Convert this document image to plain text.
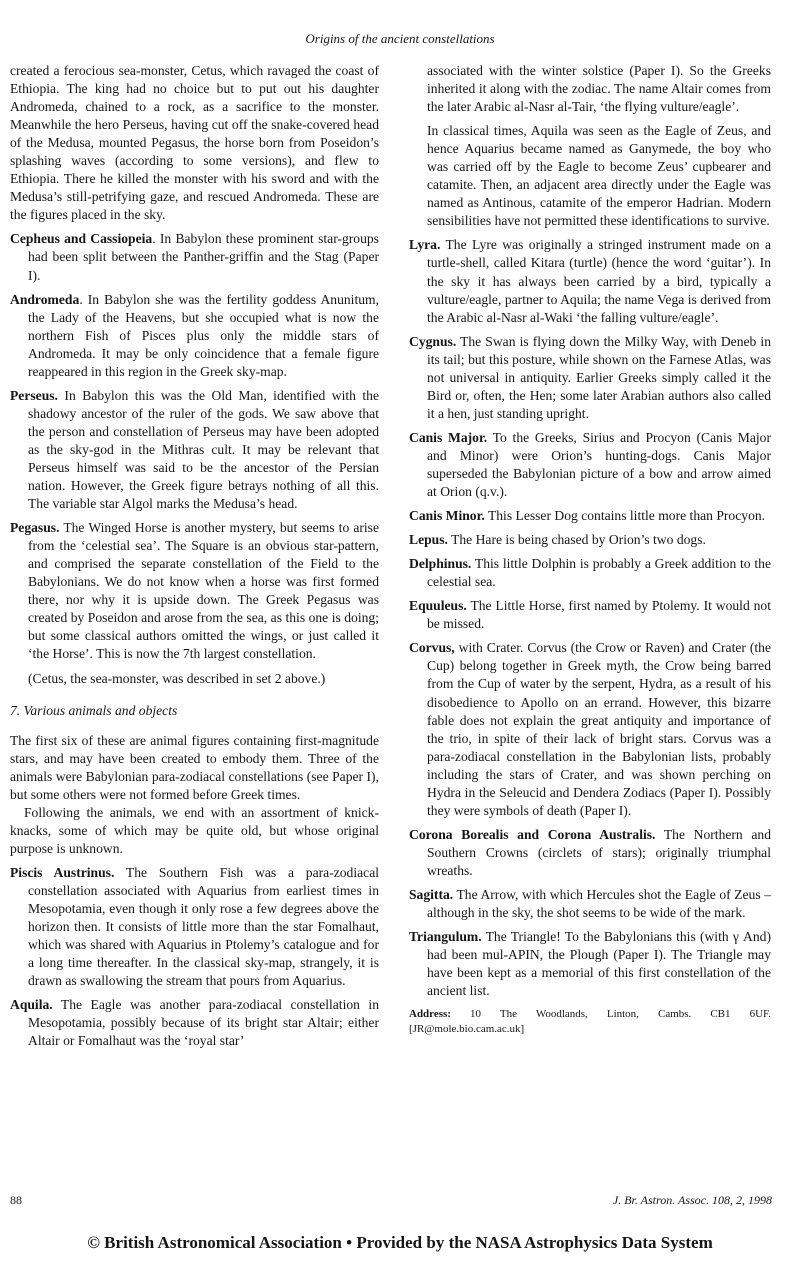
Origins of the ancient constellations

created a ferocious sea-monster, Cetus, which ravaged the coast of Ethiopia. The king had no choice but to put out his daughter Andromeda, chained to a rock, as a sacrifice to the monster. Meanwhile the hero Perseus, having cut off the snake-covered head of the Medusa, mounted Pegasus, the horse born from Poseidon’s splashing waves (according to some versions), and flew to Ethiopia. There he killed the monster with his sword and with the Medusa’s still-petrifying gaze, and rescued Andromeda. These are the figures placed in the sky.

Cepheus and Cassiopeia. In Babylon these prominent star-groups had been split between the Panther-griffin and the Stag (Paper I).

Andromeda. In Babylon she was the fertility goddess Anunitum, the Lady of the Heavens, but she occupied what is now the northern Fish of Pisces plus only the middle stars of Andromeda. It may be only coincidence that a female figure reappeared in this region in the Greek sky-map.

Perseus. In Babylon this was the Old Man, identified with the shadowy ancestor of the ruler of the gods. We saw above that the person and constellation of Perseus may have been adopted as the sky-god in the Mithras cult. It may be relevant that Perseus himself was said to be the ancestor of the Persian nation. However, the Greek figure betrays nothing of all this. The variable star Algol marks the Medusa’s head.

Pegasus. The Winged Horse is another mystery, but seems to arise from the ‘celestial sea’. The Square is an obvious star-pattern, and comprised the separate constellation of the Field to the Babylonians. We do not know when a horse was first formed there, nor why it is upside down. The Greek Pegasus was created by Poseidon and arose from the sea, as this one is doing; but some classical authors omitted the wings, or just called it ‘the Horse’. This is now the 7th largest constellation.

(Cetus, the sea-monster, was described in set 2 above.)

7. Various animals and objects

The first six of these are animal figures containing first-magnitude stars, and may have been created to embody them. Three of the animals were Babylonian para-zodiacal constellations (see Paper I), but some others were not formed before Greek times.

Following the animals, we end with an assortment of knick-knacks, some of which may be quite old, but whose original purpose is unknown.

Piscis Austrinus. The Southern Fish was a para-zodiacal constellation associated with Aquarius from earliest times in Mesopotamia, even though it only rose a few degrees above the horizon then. It consists of little more than the star Fomalhaut, which was shared with Aquarius in Ptolemy’s catalogue and for a long time thereafter. In the classical sky-map, strangely, it is drawn as swallowing the stream that pours from Aquarius.

Aquila. The Eagle was another para-zodiacal constellation in Mesopotamia, possibly because of its bright star Altair; either Altair or Fomalhaut was the ‘royal star’

associated with the winter solstice (Paper I). So the Greeks inherited it along with the zodiac. The name Altair comes from the later Arabic al-Nasr al-Tair, ‘the flying vulture/eagle’.

In classical times, Aquila was seen as the Eagle of Zeus, and hence Aquarius became named as Ganymede, the boy who was carried off by the Eagle to become Zeus’ cupbearer and catamite. Then, an adjacent area directly under the Eagle was named as Antinous, catamite of the emperor Hadrian. Modern sensibilities have not permitted these identifications to survive.

Lyra. The Lyre was originally a stringed instrument made on a turtle-shell, called Kitara (turtle) (hence the word ‘guitar’). In the sky it has always been carried by a bird, typically a vulture/eagle, partner to Aquila; the name Vega is derived from the Arabic al-Nasr al-Waki ‘the falling vulture/eagle’.

Cygnus. The Swan is flying down the Milky Way, with Deneb in its tail; but this posture, while shown on the Farnese Atlas, was not universal in antiquity. Earlier Greeks simply called it the Bird or, often, the Hen; some later Arabian authors also called it a hen, just standing upright.

Canis Major. To the Greeks, Sirius and Procyon (Canis Major and Minor) were Orion’s hunting-dogs. Canis Major superseded the Babylonian picture of a bow and arrow aimed at Orion (q.v.).

Canis Minor. This Lesser Dog contains little more than Procyon.

Lepus. The Hare is being chased by Orion’s two dogs.

Delphinus. This little Dolphin is probably a Greek addition to the celestial sea.

Equuleus. The Little Horse, first named by Ptolemy. It would not be missed.

Corvus, with Crater. Corvus (the Crow or Raven) and Crater (the Cup) belong together in Greek myth, the Crow being barred from the Cup of water by the serpent, Hydra, as a result of his disobedience to Apollo on an errand. However, this bizarre fable does not explain the great antiquity and importance of the trio, in spite of their lack of bright stars. Corvus was a para-zodiacal constellation in the Babylonian lists, probably including the stars of Crater, and was shown perching on Hydra in the Seleucid and Dendera Zodiacs (Paper I). Possibly they were symbols of death (Paper I).

Corona Borealis and Corona Australis. The Northern and Southern Crowns (circlets of stars); originally triumphal wreaths.

Sagitta. The Arrow, with which Hercules shot the Eagle of Zeus – although in the sky, the shot seems to be wide of the mark.

Triangulum. The Triangle! To the Babylonians this (with γ And) had been mul-APIN, the Plough (Paper I). The Triangle may have been kept as a memorial of this first constellation of the ancient list.

Address: 10 The Woodlands, Linton, Cambs. CB1 6UF. [JR@mole.bio.cam.ac.uk]

88	J. Br. Astron. Assoc. 108, 2, 1998
© British Astronomical Association • Provided by the NASA Astrophysics Data System
